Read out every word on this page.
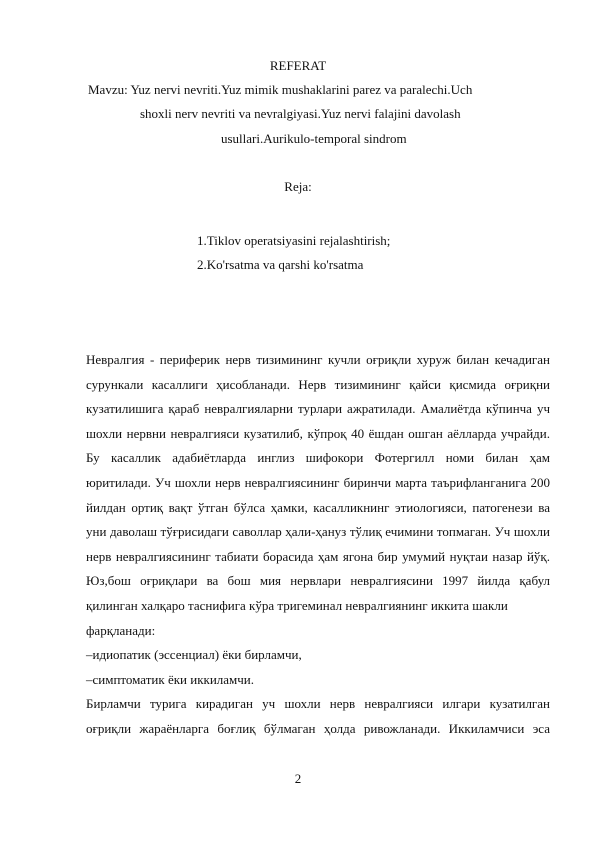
REFERAT
Mavzu: Yuz nervi nevriti.Yuz mimik mushaklarini parez va paralechi.Uch
shoxli nerv nevriti va nevralgiyasi.Yuz nervi falajini davolash
usullari.Aurikulo-temporal sindrom
Reja:
1.Tiklov operatsiyasini rejalashtirish;
2.Ko'rsatma va qarshi ko'rsatma

Невралгия - периферик нерв тизимининг кучли оғриқли хуруж билан кечадиган сурункали касаллиги ҳисобланади. Нерв тизимининг қайси қисмида оғриқни кузатилишига қараб невралгияларни турлари ажратилади. Амалиётда кўпинча уч шохли нервни невралгияси кузатилиб, кўпроқ 40 ёшдан ошган аёлларда учрайди. Бу касаллик адабиётларда инглиз шифокори Фотергилл номи билан ҳам юритилади. Уч шохли нерв невралгиясининг биринчи марта таърифланганига 200 йилдан ортиқ вақт ўтган бўлса ҳамки, касалликнинг этиологияси, патогенези ва уни даволаш тўғрисидаги саволлар ҳали-ҳануз тўлиқ ечимини топмаган. Уч шохли нерв невралгиясининг табиати борасида ҳам ягона бир умумий нуқтаи назар йўқ. Юз,бош оғриқлари ва бош мия нервлари невралгиясини 1997 йилда қабул қилинган халқаро таснифига кўра тригеминал невралгиянинг иккита шакли

фарқланади:

–идиопатик (эссенциал) ёки бирламчи,

–симптоматик ёки иккиламчи.

Бирламчи турига кирадиган уч шохли нерв невралгияси илгари кузатилган оғриқли жараёнларга боғлиқ бўлмаган ҳолда ривожланади. Иккиламчиси эса

2
